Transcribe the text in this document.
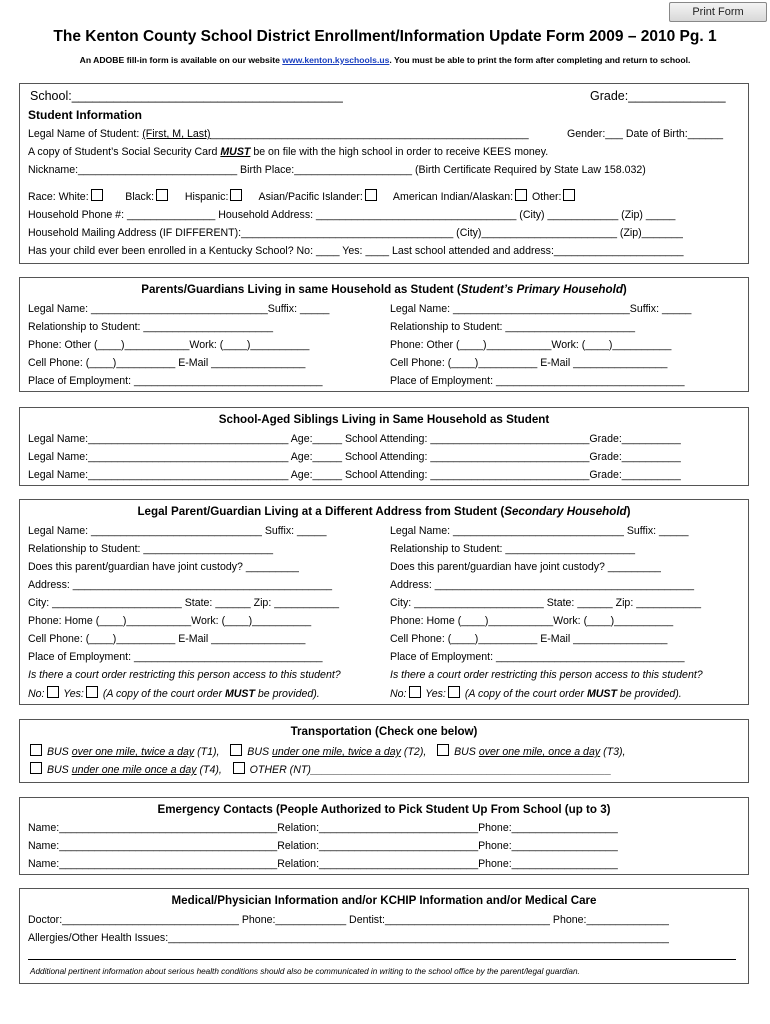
Print Form
The Kenton County School District Enrollment/Information Update Form 2009 – 2010 Pg. 1
An ADOBE fill-in form is available on our website www.kenton.kyschools.us. You must be able to print the form after completing and return to school.
School:_______________________________________	Grade:______________
Student Information
Legal Name of Student: (First, M, Last)______________________________________________________	Gender:___ Date of Birth:______
A copy of Student’s Social Security Card MUST be on file with the high school in order to receive KEES money.
Nickname:___________________________ Birth Place:____________________ (Birth Certificate Required by State Law 158.032)
Race: White:	Black:	Hispanic:	Asian/Pacific Islander:	American Indian/Alaskan: Other:
Household Phone #: _______________ Household Address: __________________________________ (City) ____________ (Zip) _____
Household Mailing Address (IF DIFFERENT):____________________________________ (City)_______________________ (Zip)_______
Has your child ever been enrolled in a Kentucky School? No: ____ Yes: ____ Last school attended and address:______________________
Parents/Guardians Living in same Household as Student (Student’s Primary Household)
Legal Name: ______________________________Suffix: _____
Relationship to Student: ______________________
Phone: Other (____)___________Work: (____)__________
Cell Phone: (____)__________ E-Mail ________________
Place of Employment: ________________________________
Legal Name: ______________________________Suffix: _____
Relationship to Student: ______________________
Phone: Other (____)___________Work: (____)__________
Cell Phone: (____)__________ E-Mail ________________
Place of Employment: ________________________________
School-Aged Siblings Living in Same Household as Student
Legal Name:__________________________________ Age:_____ School Attending: ___________________________Grade:__________
Legal Name:__________________________________ Age:_____ School Attending: ___________________________Grade:__________
Legal Name:__________________________________ Age:_____ School Attending: ___________________________Grade:__________
Legal Parent/Guardian Living at a Different Address from Student (Secondary Household)
Legal Name: _____________________________ Suffix: _____
Relationship to Student: ______________________
Does this parent/guardian have joint custody? _________
Address: ____________________________________________
City: ______________________ State: ______ Zip: ___________
Phone: Home (____)___________Work: (____)__________
Cell Phone: (____)__________ E-Mail ________________
Place of Employment: ________________________________
Is there a court order restricting this person access to this student?
No: Yes: (A copy of the court order MUST be provided).
Legal Name: _____________________________ Suffix: _____
Relationship to Student: ______________________
Does this parent/guardian have joint custody? _________
Address: ____________________________________________
City: ______________________ State: ______ Zip: ___________
Phone: Home (____)___________Work: (____)__________
Cell Phone: (____)__________ E-Mail ________________
Place of Employment: ________________________________
Is there a court order restricting this person access to this student?
No: Yes: (A copy of the court order MUST be provided).
Transportation (Check one below)
BUS over one mile, twice a day (T1),	BUS under one mile, twice a day (T2),	BUS over one mile, once a day (T3),
BUS under one mile once a day (T4),	OTHER (NT)___________________________________________________
Emergency Contacts (People Authorized to Pick Student Up From School (up to 3)
Name:_____________________________________Relation:___________________________Phone:__________________
Name:_____________________________________Relation:___________________________Phone:__________________
Name:_____________________________________Relation:___________________________Phone:__________________
Medical/Physician Information and/or KCHIP Information and/or Medical Care
Doctor:______________________________ Phone:____________ Dentist:____________________________ Phone:______________
Allergies/Other Health Issues:_____________________________________________________________________________________
Additional pertinent information about serious health conditions should also be communicated in writing to the school office by the parent/legal guardian.
